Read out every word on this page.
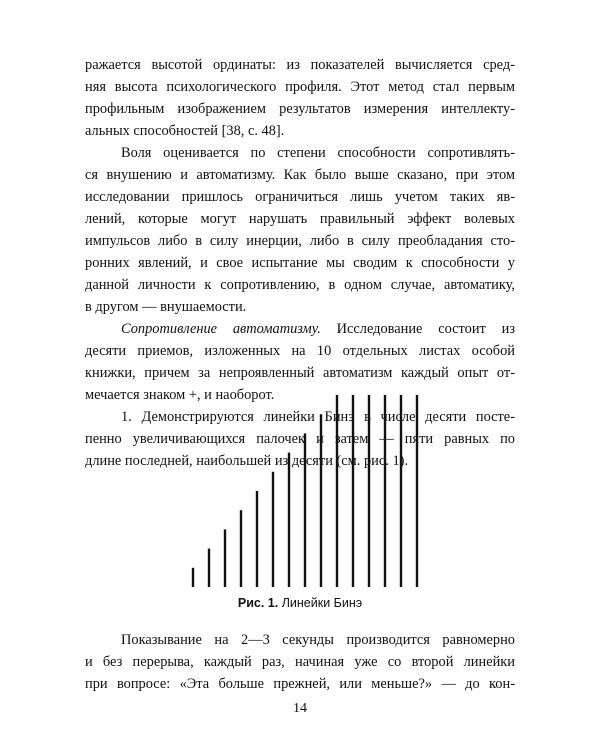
ражается высотой ординаты: из показателей вычисляется сред-
няя высота психологического профиля. Этот метод стал первым
профильным изображением результатов измерения интеллекту-
альных способностей [38, с. 48].
Воля оценивается по степени способности сопротивлять-
ся внушению и автоматизму. Как было выше сказано, при этом
исследовании пришлось ограничиться лишь учетом таких яв-
лений, которые могут нарушать правильный эффект волевых
импульсов либо в силу инерции, либо в силу преобладания сто-
ронних явлений, и свое испытание мы сводим к способности у
данной личности к сопротивлению, в одном случае, автоматику,
в другом — внушаемости.
Сопротивление автоматизму. Исследование состоит из
десяти приемов, изложенных на 10 отдельных листах особой
книжки, причем за непроявленный автоматизм каждый опыт от-
мечается знаком +, и наоборот.
1. Демонстрируются линейки Бинэ в числе десяти посте-
пенно увеличивающихся палочек и затем — пяти равных по
длине последней, наибольшей из десяти (см. рис. 1).
Рис. 1. Линейки Бинэ
Показывание на 2—3 секунды производится равномерно
и без перерыва, каждый раз, начиная уже со второй линейки
при вопросе: «Эта больше прежней, или меньше?» — до кон-
14
